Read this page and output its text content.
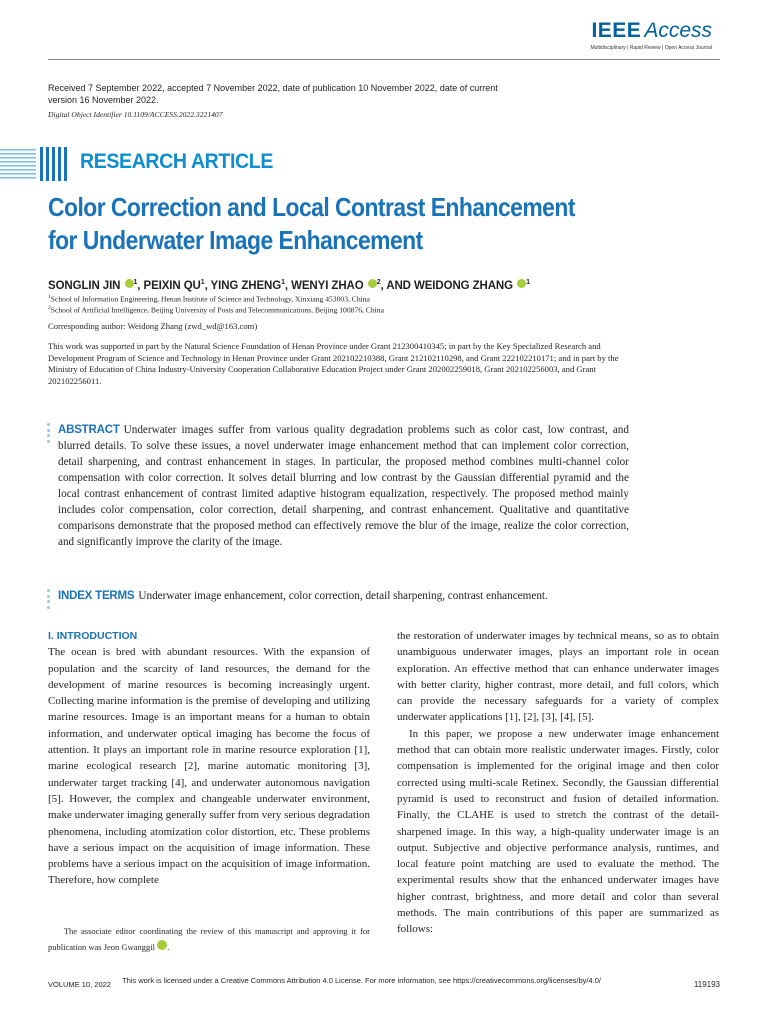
IEEE Access
Multidisciplinary | Rapid Review | Open Access Journal
Received 7 September 2022, accepted 7 November 2022, date of publication 10 November 2022, date of current version 16 November 2022.
Digital Object Identifier 10.1109/ACCESS.2022.3221407
RESEARCH ARTICLE
Color Correction and Local Contrast Enhancement
for Underwater Image Enhancement
SONGLIN JIN $^1$, PEIXIN $QU^1$, YING ZHENG$^1$, WENYI ZHAO $^2$, AND WEIDONG ZHANG $^1$
$^1$School of Information Engineering, Henan Institute of Science and Technology, Xinxiang 453003, China
$^2$School of Artificial Intelligence, Beijing University of Posts and Telecommunications, Beijing 100876, China
Corresponding author: Weidong Zhang (zwd_wd@163.com)
This work was supported in part by the Natural Science Foundation of Henan Province under Grant 212300410345; in part by the Key Specialized Research and Development Program of Science and Technology in Henan Province under Grant 202102210388, Grant 212102110298, and Grant 222102210171; and in part by the Ministry of Education of China Industry-University Cooperation Collaborative Education Project under Grant 202002259018, Grant 202102256003, and Grant 202102256011.
ABSTRACT Underwater images suffer from various quality degradation problems such as color cast, low contrast, and blurred details. To solve these issues, a novel underwater image enhancement method that can implement color correction, detail sharpening, and contrast enhancement in stages. In particular, the proposed method combines multi-channel color compensation with color correction. It solves detail blurring and low contrast by the Gaussian differential pyramid and the local contrast enhancement of contrast limited adaptive histogram equalization, respectively. The proposed method mainly includes color compensation, color correction, detail sharpening, and contrast enhancement. Qualitative and quantitative comparisons demonstrate that the proposed method can effectively remove the blur of the image, realize the color correction, and significantly improve the clarity of the image.
INDEX TERMS Underwater image enhancement, color correction, detail sharpening, contrast enhancement.
I. INTRODUCTION

The ocean is bred with abundant resources. With the expansion of population and the scarcity of land resources, the demand for the development of marine resources is becoming increasingly urgent. Collecting marine information is the premise of developing and utilizing marine resources. Image is an important means for a human to obtain information, and underwater optical imaging has become the focus of attention. It plays an important role in marine resource exploration [1], marine ecological research [2], marine automatic monitoring [3], underwater target tracking [4], and underwater autonomous navigation [5]. However, the complex and changeable underwater environment, make underwater imaging generally suffer from very serious degradation phenomena, including atomization color distortion, etc. These problems have a serious impact on the acquisition of image information. These problems have a serious impact on the acquisition of image information. Therefore, how complete

the restoration of underwater images by technical means, so as to obtain unambiguous underwater images, plays an important role in ocean exploration. An effective method that can enhance underwater images with better clarity, higher contrast, more detail, and full colors, which can provide the necessary safeguards for a variety of complex underwater applications [1], [2], [3], [4], [5].

In this paper, we propose a new underwater image enhancement method that can obtain more realistic underwater images. Firstly, color compensation is implemented for the original image and then color corrected using multi-scale Retinex. Secondly, the Gaussian differential pyramid is used to reconstruct and fusion of detailed information. Finally, the CLAHE is used to stretch the contrast of the detail-sharpened image. In this way, a high-quality underwater image is an output. Subjective and objective performance analysis, runtimes, and local feature point matching are used to evaluate the method. The experimental results show that the enhanced underwater images have higher contrast, brightness, and more detail and color than several methods. The main contributions of this paper are summarized as follows:

The associate editor coordinating the review of this manuscript and approving it for publication was Jeon Gwanggil .
VOLUME 10, 2022 This work is licensed under a Creative Commons Attribution 4.0 License. For more information, see https://creativecommons.org/licenses/by/4.0/	119193
